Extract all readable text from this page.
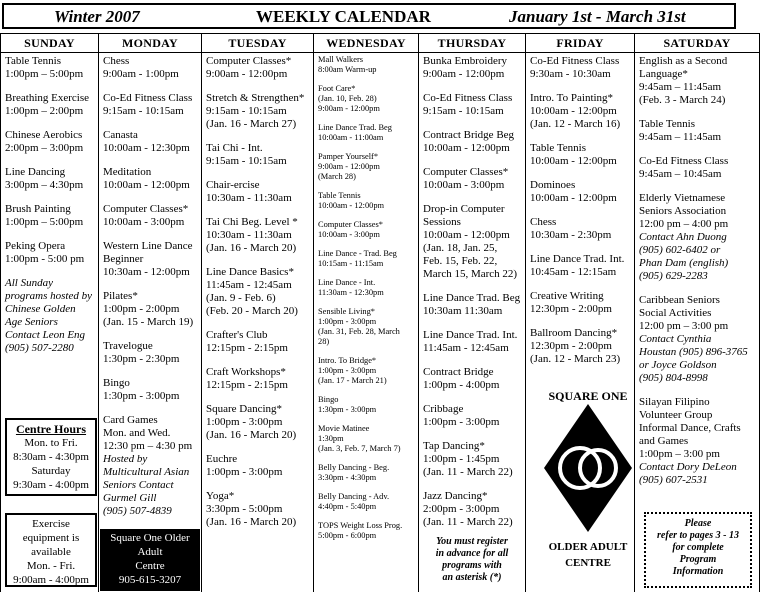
Winter 2007	WEEKLY CALENDAR	January 1st - March 31st
SUNDAY
Table Tennis
1:00pm – 5:00pm
Breathing Exercise
1:00pm – 2:00pm
Chinese Aerobics
2:00pm – 3:00pm
Line Dancing
3:00pm – 4:30pm
Brush Painting
1:00pm – 5:00pm
Peking Opera
1:00pm - 5:00 pm
All Sunday
programs hosted by
Chinese Golden
Age Seniors
Contact Leon Eng
(905) 507-2280
MONDAY
Chess
9:00am - 1:00pm
Co-Ed Fitness Class
9:15am - 10:15am
Canasta
10:00am - 12:30pm
Meditation
10:00am - 12:00pm
Computer Classes*
10:00am - 3:00pm
Western Line Dance
Beginner
10:30am - 12:00pm
Pilates*
1:00pm - 2:00pm
(Jan. 15 - March 19)
Travelogue
1:30pm - 2:30pm
Bingo
1:30pm - 3:00pm
Card Games
Mon. and Wed.
12:30 pm – 4:30 pm
Hosted by
Multicultural Asian
Seniors Contact
Gurmel Gill
(905) 507-4839
TUESDAY
Computer Classes*
9:00am - 12:00pm
Stretch & Strengthen*
9:15am - 10:15am
(Jan. 16 - March 27)
Tai Chi - Int.
9:15am - 10:15am
Chair-ercise
10:30am - 11:30am
Tai Chi Beg. Level *
10:30am - 11:30am
(Jan. 16 - March 20)
Line Dance Basics*
11:45am - 12:45am
(Jan. 9 - Feb. 6)
(Feb. 20 - March 20)
Crafter's Club
12:15pm - 2:15pm
Craft Workshops*
12:15pm - 2:15pm
Square Dancing*
1:00pm - 3:00pm
(Jan. 16 - March 20)
Euchre
1:00pm - 3:00pm
Yoga*
3:30pm - 5:00pm
(Jan. 16 - March 20)
WEDNESDAY
Mall Walkers
8:00am Warm-up
Foot Care*
(Jan. 10, Feb. 28)
9:00am - 12:00pm
Line Dance Trad. Beg
10:00am - 11:00am
Pamper Yourself*
9:00am - 12:00pm
(March 28)
Table Tennis
10:00am - 12:00pm
Computer Classes*
10:00am - 3:00pm
Line Dance - Trad. Beg
10:15am - 11:15am
Line Dance - Int.
11:30am - 12:30pm
Sensible Living*
1:00pm - 3:00pm
(Jan. 31, Feb. 28, March
28)
Intro. To Bridge*
1:00pm - 3:00pm
(Jan. 17 - March 21)
Bingo
1:30pm - 3:00pm
Movie Matinee
1:30pm
(Jan. 3, Feb. 7, March 7)
Belly Dancing - Beg.
3:30pm - 4:30pm
Belly Dancing - Adv.
4:40pm - 5:40pm
TOPS Weight Loss Prog.
5:00pm - 6:00pm
THURSDAY
Bunka Embroidery
9:00am - 12:00pm
Co-Ed Fitness Class
9:15am - 10:15am
Contract Bridge Beg
10:00am - 12:00pm
Computer Classes*
10:00am - 3:00pm
Drop-in Computer
Sessions
10:00am - 12:00pm
(Jan. 18, Jan. 25,
Feb. 15, Feb. 22,
March 15, March 22)
Line Dance Trad. Beg
10:30am 11:30am
Line Dance Trad. Int.
11:45am - 12:45am
Contract Bridge
1:00pm - 4:00pm
Cribbage
1:00pm - 3:00pm
Tap Dancing*
1:00pm - 1:45pm
(Jan. 11 - March 22)
Jazz Dancing*
2:00pm - 3:00pm
(Jan. 11 - March 22)
FRIDAY
Co-Ed Fitness Class
9:30am - 10:30am
Intro. To Painting*
10:00am - 12:00pm
(Jan. 12 - March 16)
Table Tennis
10:00am - 12:00pm
Dominoes
10:00am - 12:00pm
Chess
10:30am - 2:30pm
Line Dance Trad. Int.
10:45am - 12:15am
Creative Writing
12:30pm - 2:00pm
Ballroom Dancing*
12:30pm - 2:00pm
(Jan. 12 - March 23)
SATURDAY
English as a Second
Language*
9:45am – 11:45am
(Feb. 3 - March 24)
Table Tennis
9:45am – 11:45am
Co-Ed Fitness Class
9:45am – 10:45am
Elderly Vietnamese
Seniors Association
12:00 pm – 4:00 pm
Contact Ahn Duong
(905) 602-6402 or
Phan Dam (english)
(905) 629-2283
Caribbean Seniors
Social Activities
12:00 pm – 3:00 pm
Contact Cynthia
Houstan (905) 896-3765
or Joyce Goldson
(905) 804-8998
Silayan Filipino
Volunteer Group
Informal Dance, Crafts
and Games
1:00pm – 3:00 pm
Contact Dory DeLeon
(905) 607-2531
Centre Hours
Mon. to Fri.
8:30am - 4:30pm
Saturday
9:30am - 4:00pm
Exercise
equipment is
available
Mon. - Fri.
9:00am - 4:00pm
Square One Older
Adult
Centre
905-615-3207
You must register
in advance for all
programs with
an asterisk (*)
Please
refer to pages 3 - 13
for complete
Program
Information
SQUARE ONE
OLDER ADULT
CENTRE
